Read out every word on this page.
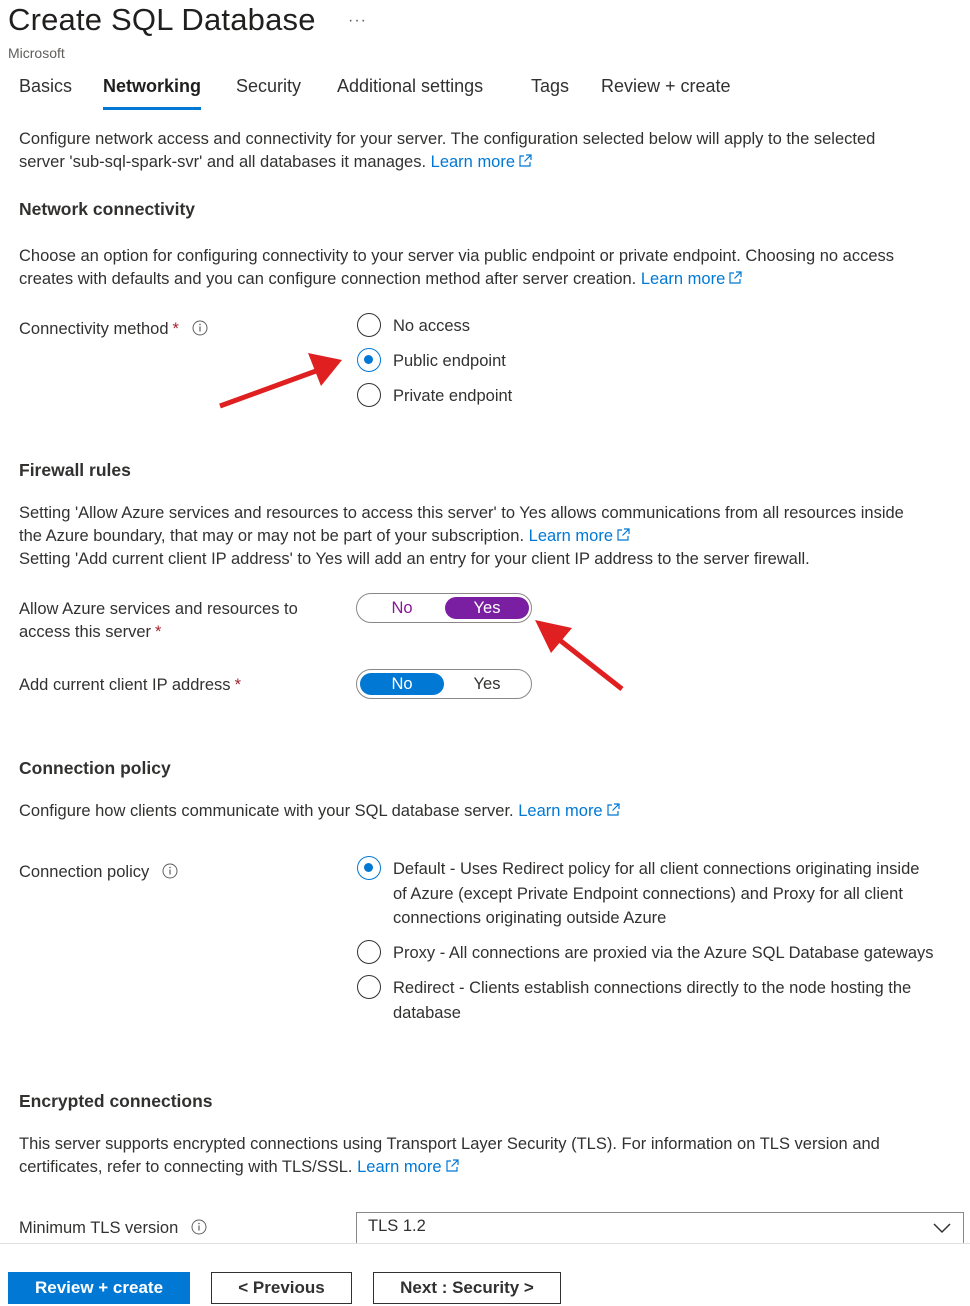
Create SQL Database ···
Microsoft
Basics Networking Security Additional settings	Tags Review + create
Configure network access and connectivity for your server. The configuration selected below will apply to the selected
server 'sub-sql-spark-svr' and all databases it manages. Learn more
Network connectivity
Choose an option for configuring connectivity to your server via public endpoint or private endpoint. Choosing no access
creates with defaults and you can configure connection method after server creation. Learn more
Connectivity method *	No access
Public endpoint
Private endpoint
Firewall rules
Setting 'Allow Azure services and resources to access this server' to Yes allows communications from all resources inside
the Azure boundary, that may or may not be part of your subscription. Learn more
Setting 'Add current client IP address' to Yes will add an entry for your client IP address to the server firewall.
Allow Azure services and resources to
access this server *
No	Yes
Add current client IP address *	No	Yes
Connection policy
Configure how clients communicate with your SQL database server. Learn more
Connection policy	Default - Uses Redirect policy for all client connections originating inside
of Azure (except Private Endpoint connections) and Proxy for all client
connections originating outside Azure
Proxy - All connections are proxied via the Azure SQL Database gateways
Redirect - Clients establish connections directly to the node hosting the
database
Encrypted connections
This server supports encrypted connections using Transport Layer Security (TLS). For information on TLS version and
certificates, refer to connecting with TLS/SSL. Learn more
Minimum TLS version	TLS 1.2
Review + create	< Previous	Next : Security >
